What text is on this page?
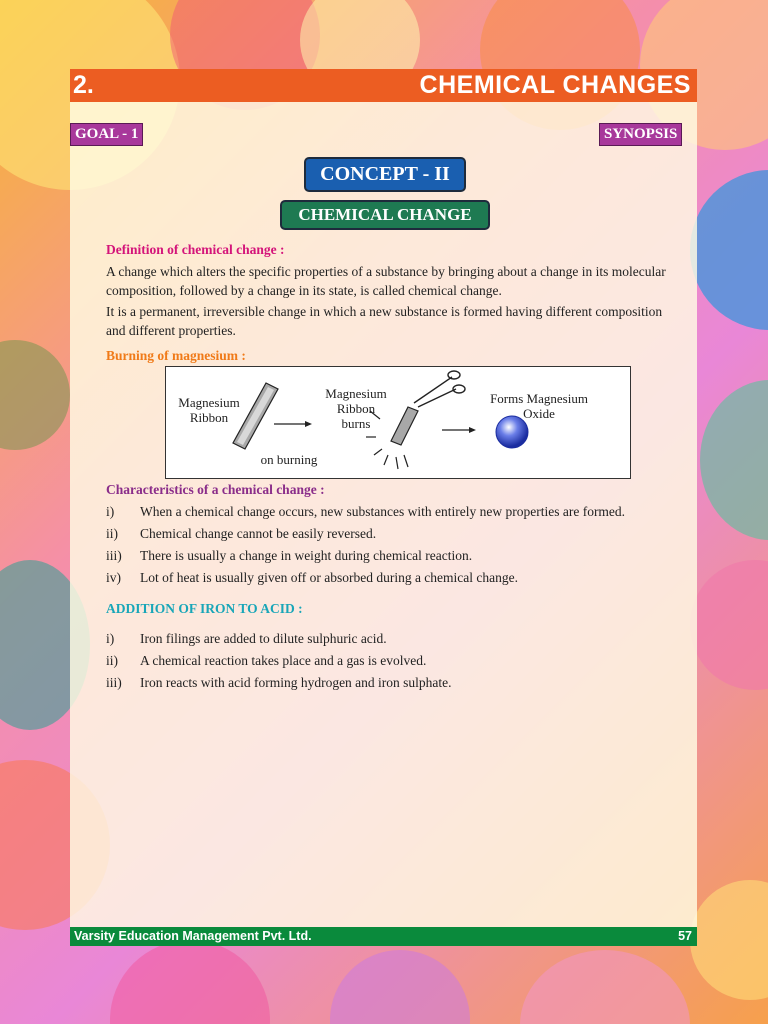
2.	CHEMICAL CHANGES
GOAL - 1	SYNOPSIS
CONCEPT - II
CHEMICAL CHANGE
Definition of chemical change :
A change which alters the specific properties of a substance by bringing about a change in its molecular
composition, followed by a change in its state, is called chemical change.
It is a permanent, irreversible change in which a new substance is formed having different composition
and different properties.
Burning of magnesium :
Magnesium
Ribbon
Magnesium
Ribbon
burns
Forms Magnesium
Oxide
on burning
Characteristics of a chemical change :
i) When a chemical change occurs, new substances with entirely new properties are formed.
ii) Chemical change cannot be easily reversed.
iii) There is usually a change in weight during chemical reaction.
iv) Lot of heat is usually given off or absorbed during a chemical change.
ADDITION OF IRON TO ACID :
i) Iron filings are added to dilute sulphuric acid.
ii) A chemical reaction takes place and a gas is evolved.
iii) Iron reacts with acid forming hydrogen and iron sulphate.
Varsity Education Management Pvt. Ltd.	57
